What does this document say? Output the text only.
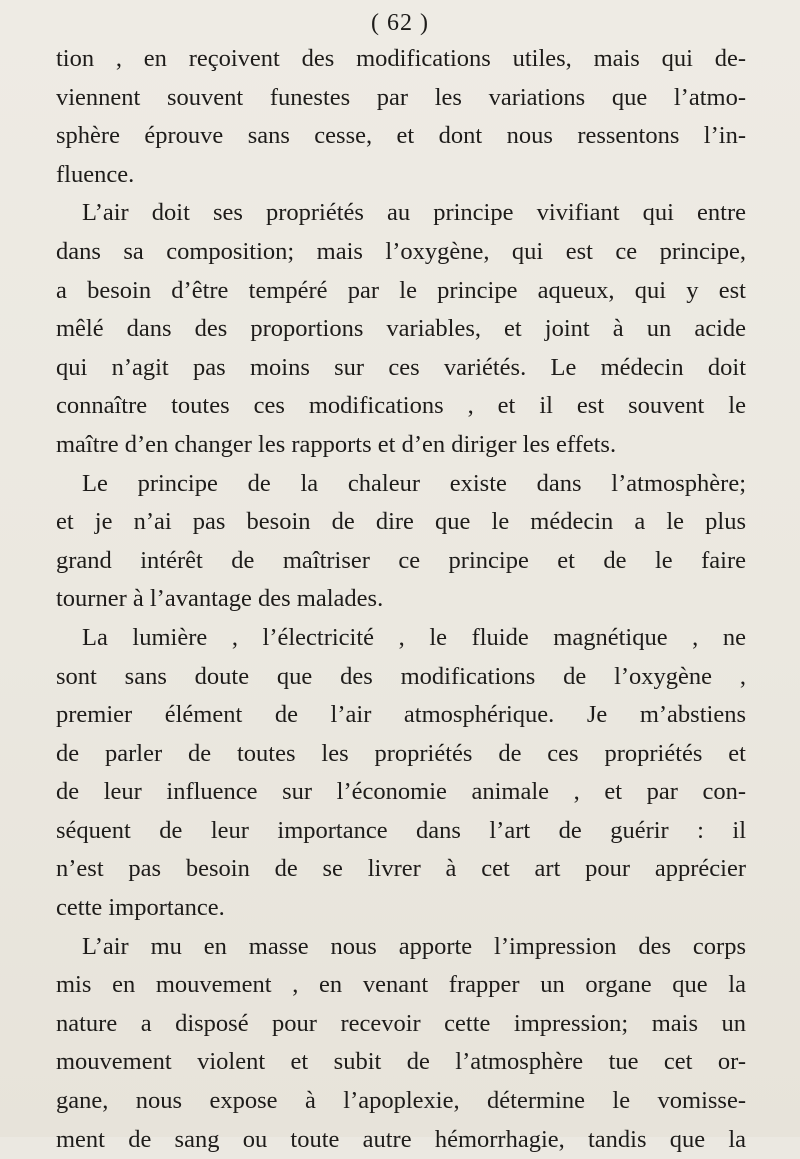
( 62 )
tion , en reçoivent des modifications utiles, mais qui de-
viennent souvent funestes par les variations que l’atmo-
sphère éprouve sans cesse, et dont nous ressentons l’in-
fluence.
L’air doit ses propriétés au principe vivifiant qui entre
dans sa composition; mais l’oxygène, qui est ce principe,
a besoin d’être tempéré par le principe aqueux, qui y est
mêlé dans des proportions variables, et joint à un acide
qui n’agit pas moins sur ces variétés. Le médecin doit
connaître toutes ces modifications , et il est souvent le
maître d’en changer les rapports et d’en diriger les effets.
Le principe de la chaleur existe dans l’atmosphère;
et je n’ai pas besoin de dire que le médecin a le plus
grand intérêt de maîtriser ce principe et de le faire
tourner à l’avantage des malades.
La lumière , l’électricité , le fluide magnétique , ne
sont sans doute que des modifications de l’oxygène ,
premier élément de l’air atmosphérique. Je m’abstiens
de parler de toutes les propriétés de ces propriétés et
de leur influence sur l’économie animale , et par con-
séquent de leur importance dans l’art de guérir : il
n’est pas besoin de se livrer à cet art pour apprécier
cette importance.
L’air mu en masse nous apporte l’impression des corps
mis en mouvement , en venant frapper un organe que la
nature a disposé pour recevoir cette impression; mais un
mouvement violent et subit de l’atmosphère tue cet or-
gane, nous expose à l’apoplexie, détermine le vomisse-
ment de sang ou toute autre hémorrhagie, tandis que la
